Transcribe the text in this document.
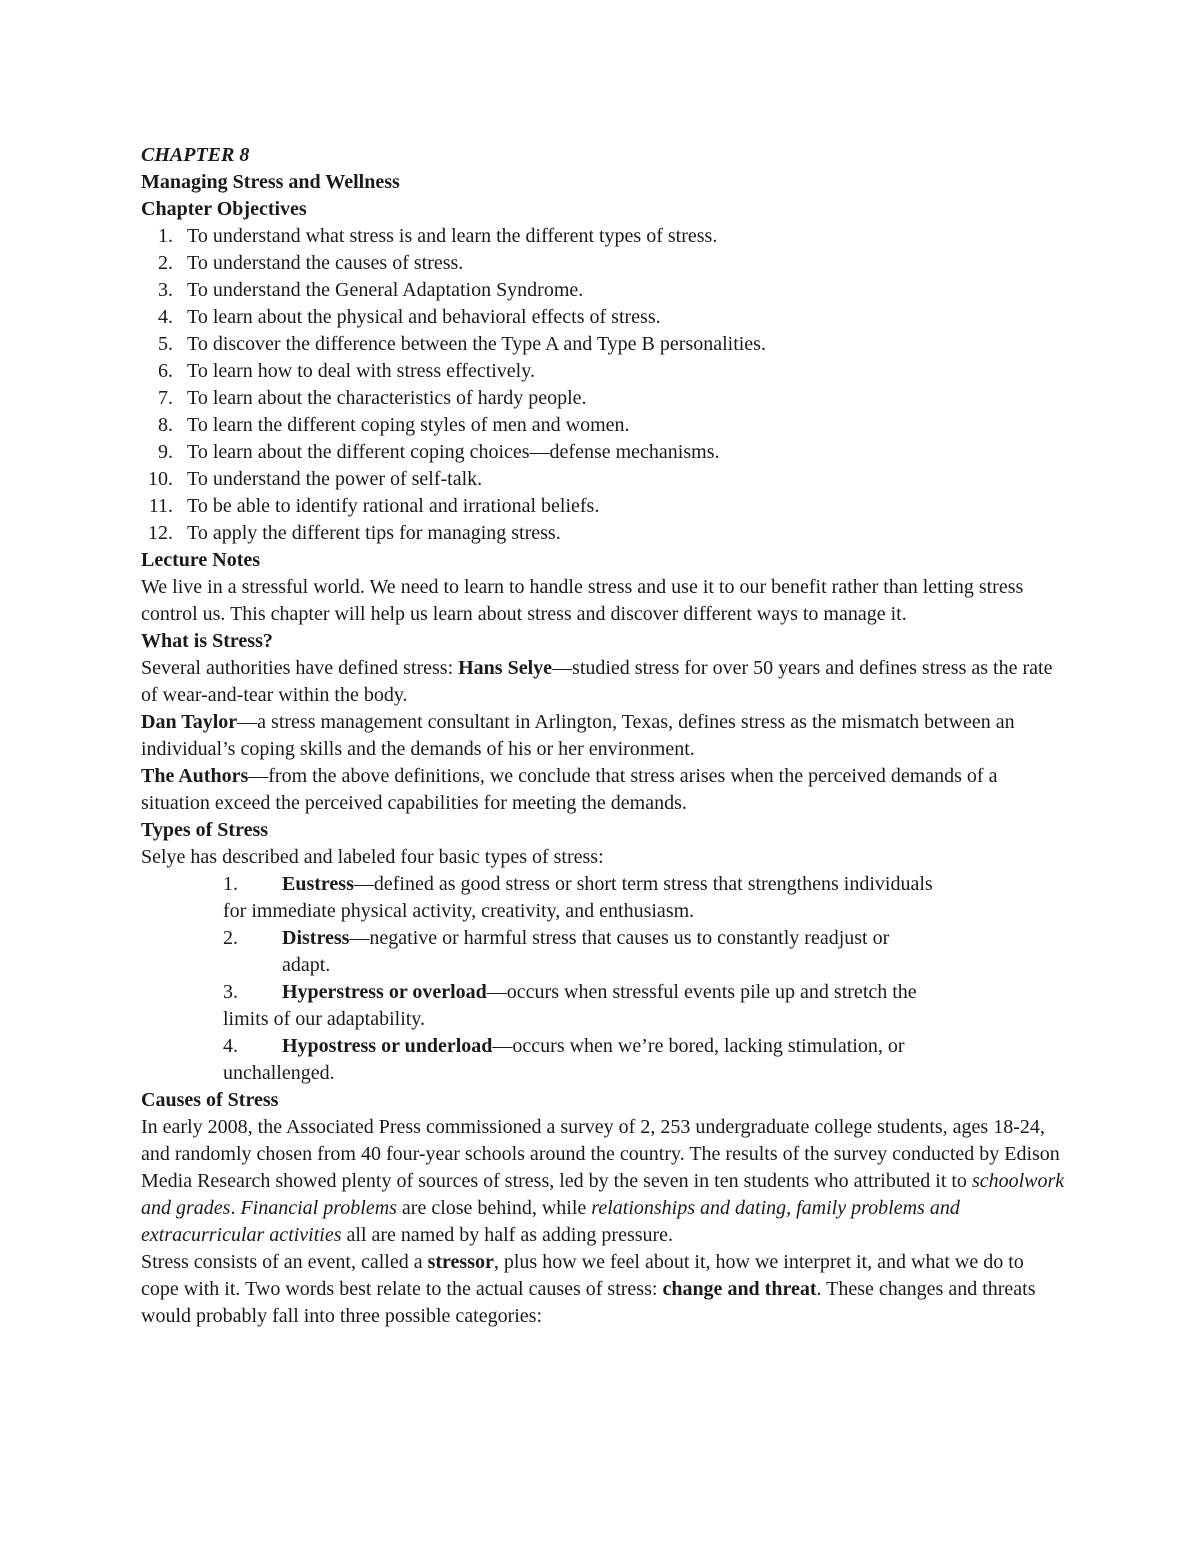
CHAPTER 8
Managing Stress and Wellness
Chapter Objectives
1. To understand what stress is and learn the different types of stress.
2. To understand the causes of stress.
3. To understand the General Adaptation Syndrome.
4. To learn about the physical and behavioral effects of stress.
5. To discover the difference between the Type A and Type B personalities.
6. To learn how to deal with stress effectively.
7. To learn about the characteristics of hardy people.
8. To learn the different coping styles of men and women.
9. To learn about the different coping choices—defense mechanisms.
10. To understand the power of self-talk.
11. To be able to identify rational and irrational beliefs.
12. To apply the different tips for managing stress.
Lecture Notes

We live in a stressful world. We need to learn to handle stress and use it to our benefit rather than letting stress control us. This chapter will help us learn about stress and discover different ways to manage it.

What is Stress?

Several authorities have defined stress: Hans Selye—studied stress for over 50 years and defines stress as the rate of wear-and-tear within the body.

Dan Taylor—a stress management consultant in Arlington, Texas, defines stress as the mismatch between an individual’s coping skills and the demands of his or her environment.

The Authors—from the above definitions, we conclude that stress arises when the perceived demands of a situation exceed the perceived capabilities for meeting the demands.

Types of Stress

Selye has described and labeled four basic types of stress:

1. Eustress—defined as good stress or short term stress that strengthens individuals
for immediate physical activity, creativity, and enthusiasm.
2. Distress—negative or harmful stress that causes us to constantly readjust or
adapt.
3. Hyperstress or overload—occurs when stressful events pile up and stretch the
limits of our adaptability.
4. Hypostress or underload—occurs when we’re bored, lacking stimulation, or
unchallenged.
Causes of Stress

In early 2008, the Associated Press commissioned a survey of 2, 253 undergraduate college students, ages 18-24, and randomly chosen from 40 four-year schools around the country. The results of the survey conducted by Edison Media Research showed plenty of sources of stress, led by the seven in ten students who attributed it to schoolwork and grades. Financial problems are close behind, while relationships and dating, family problems and extracurricular activities all are named by half as adding pressure.

Stress consists of an event, called a stressor, plus how we feel about it, how we interpret it, and what we do to cope with it. Two words best relate to the actual causes of stress: change and threat. These changes and threats would probably fall into three possible categories:
